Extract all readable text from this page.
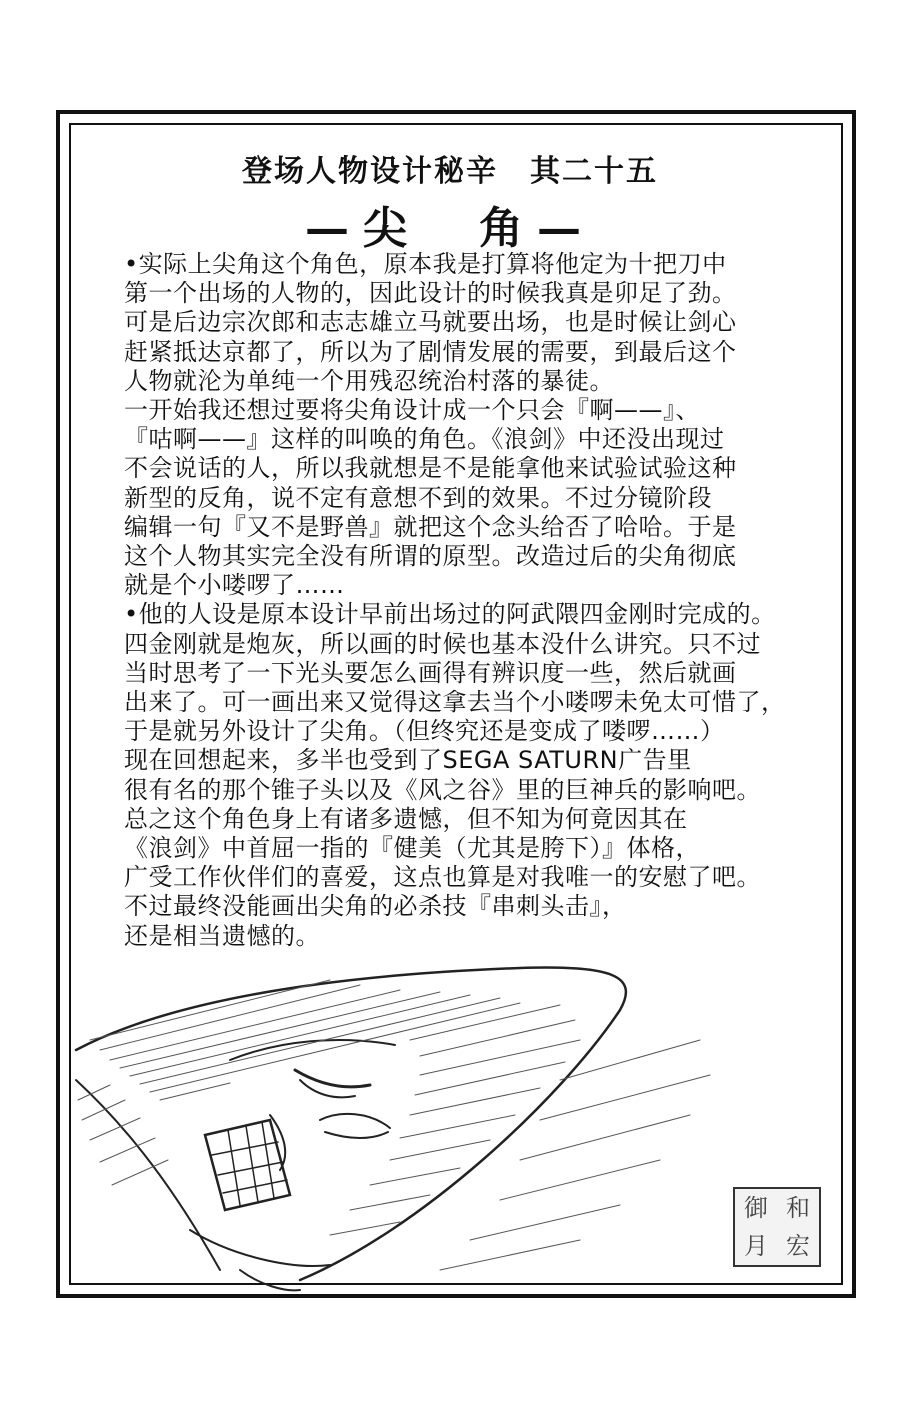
登场人物设计秘辛　其二十五
—尖　角—
•实际上尖角这个角色，原本我是打算将他定为十把刀中
第一个出场的人物的，因此设计的时候我真是卯足了劲。
可是后边宗次郎和志志雄立马就要出场，也是时候让剑心
赶紧抵达京都了，所以为了剧情发展的需要，到最后这个
人物就沦为单纯一个用残忍统治村落的暴徒。
一开始我还想过要将尖角设计成一个只会『啊——』、
『咕啊——』这样的叫唤的角色。《浪剑》中还没出现过
不会说话的人，所以我就想是不是能拿他来试验试验这种
新型的反角，说不定有意想不到的效果。不过分镜阶段
编辑一句『又不是野兽』就把这个念头给否了哈哈。于是
这个人物其实完全没有所谓的原型。改造过后的尖角彻底
就是个小喽啰了……
•他的人设是原本设计早前出场过的阿武隈四金刚时完成的。
四金刚就是炮灰，所以画的时候也基本没什么讲究。只不过
当时思考了一下光头要怎么画得有辨识度一些，然后就画
出来了。可一画出来又觉得这拿去当个小喽啰未免太可惜了，
于是就另外设计了尖角。（但终究还是变成了喽啰……）
现在回想起来，多半也受到了SEGA SATURN广告里
很有名的那个锥子头以及《风之谷》里的巨神兵的影响吧。
总之这个角色身上有诸多遗憾，但不知为何竟因其在
《浪剑》中首屈一指的『健美（尤其是胯下）』体格，
广受工作伙伴们的喜爱，这点也算是对我唯一的安慰了吧。
不过最终没能画出尖角的必杀技『串刺头击』，
还是相当遗憾的。
御 和
月 宏
